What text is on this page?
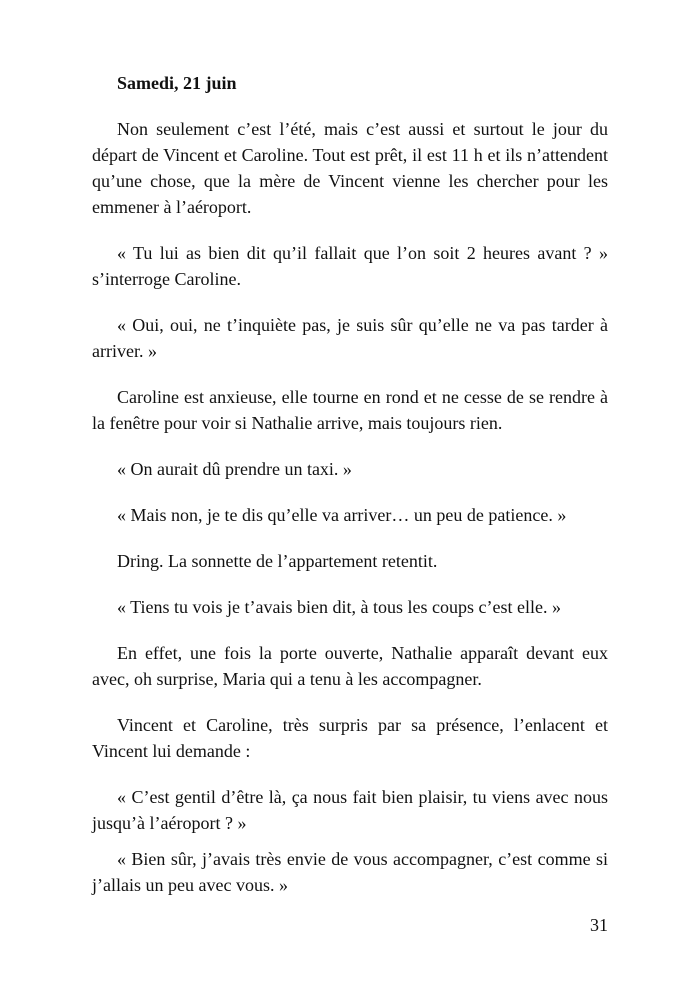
Samedi, 21 juin

Non seulement c’est l’été, mais c’est aussi et surtout le jour du départ de Vincent et Caroline. Tout est prêt, il est 11 h et ils n’attendent qu’une chose, que la mère de Vincent vienne les chercher pour les emmener à l’aéroport.

« Tu lui as bien dit qu’il fallait que l’on soit 2 heures avant ? » s’interroge Caroline.

« Oui, oui, ne t’inquiète pas, je suis sûr qu’elle ne va pas tarder à arriver. »

Caroline est anxieuse, elle tourne en rond et ne cesse de se rendre à la fenêtre pour voir si Nathalie arrive, mais toujours rien.

« On aurait dû prendre un taxi. »

« Mais non, je te dis qu’elle va arriver… un peu de patience. »

Dring. La sonnette de l’appartement retentit.

« Tiens tu vois je t’avais bien dit, à tous les coups c’est elle. »

En effet, une fois la porte ouverte, Nathalie apparaît devant eux avec, oh surprise, Maria qui a tenu à les accompagner.

Vincent et Caroline, très surpris par sa présence, l’enlacent et Vincent lui demande :

« C’est gentil d’être là, ça nous fait bien plaisir, tu viens avec nous jusqu’à l’aéroport ? »

« Bien sûr, j’avais très envie de vous accompagner, c’est comme si j’allais un peu avec vous. »

31
